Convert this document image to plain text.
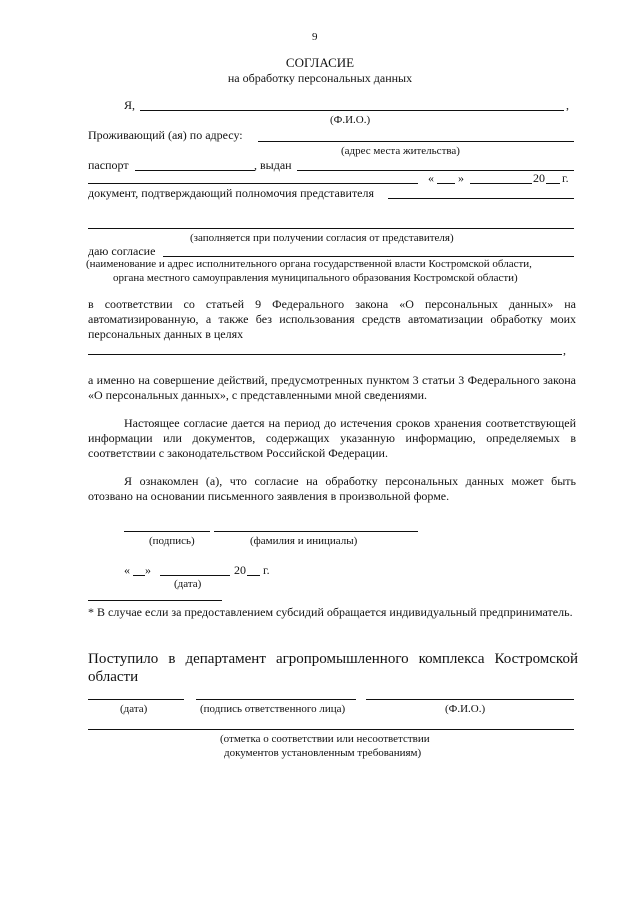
9
СОГЛАСИЕ
на обработку персональных данных
Я,	,
(Ф.И.О.)
Проживающий (ая) по адресу:
(адрес места жительства)
паспорт	, выдан
« »	20 г.
документ, подтверждающий полномочия представителя
(заполняется при получении согласия от представителя)
даю согласие
(наименование и адрес исполнительного органа государственной власти Костромской области,
органа местного самоуправления муниципального образования Костромской области)
в соответствии со статьей 9 Федерального закона «О персональных данных» на автоматизированную, а также без использования средств автоматизации обработку моих персональных данных в целях
,
а именно на совершение действий, предусмотренных пунктом 3 статьи 3 Федерального закона «О персональных данных», с представленными мной сведениями.
Настоящее согласие дается на период до истечения сроков хранения соответствующей информации или документов, содержащих указанную информацию, определяемых в соответствии с законодательством Российской Федерации.
Я ознакомлен (а), что согласие на обработку персональных данных может быть отозвано на основании письменного заявления в произвольной форме.
(подпись)	(фамилия и инициалы)
« »	20 г.
(дата)
* В случае если за предоставлением субсидий обращается индивидуальный предприниматель.
Поступило в департамент агропромышленного комплекса Костромской области
(дата)	(подпись ответственного лица)	(Ф.И.О.)
(отметка о соответствии или несоответствии
документов установленным требованиям)
